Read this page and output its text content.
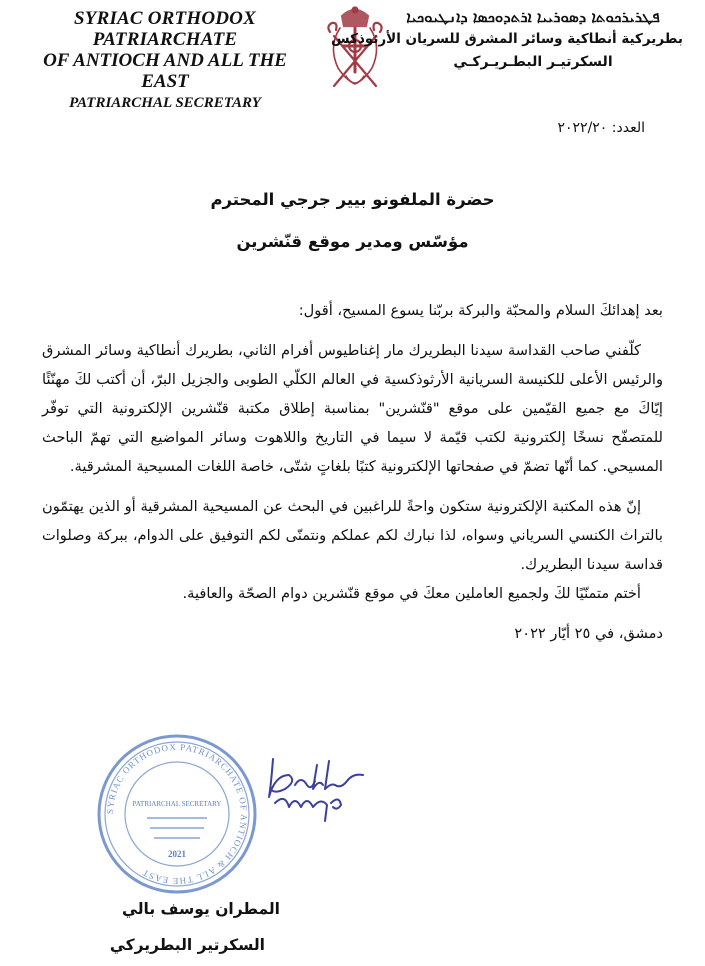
SYRIAC ORTHODOX PATRIARCHATE
OF ANTIOCH AND ALL THE EAST
PATRIARCHAL SECRETARY
ܦܛܪܝܪܟܘܬܐ ܕܣܘܪܝܝܐ ܐܪܬܕܘܟܣܐ ܕܐܢܛܝܘܟܝܐ
بطريركية أنطاكية وسائر المشرق للسريان الأرثوذكس
السكرتيـر البطـريـركـي
العدد: ٢٠٢٢/٢٠
حضرة الملفونو بيير جرجي المحترم
مؤسّس ومدير موقع قنّشرين

بعد إهدائكَ السلام والمحبّة والبركة بربّنا يسوع المسيح، أقول:

كلّفني صاحب القداسة سيدنا البطريرك مار إغناطيوس أفرام الثاني، بطريرك أنطاكية وسائر المشرق والرئيس الأعلى للكنيسة السريانية الأرثوذكسية في العالم الكلّي الطوبى والجزيل البرّ، أن أكتب لكَ مهنّئًا إيّاكَ مع جميع القيّمين على موقع "قنّشرين" بمناسبة إطلاق مكتبة قنّشرين الإلكترونية التي توفّر للمتصفّح نسخًا إلكترونية لكتب قيّمة لا سيما في التاريخ واللاهوت وسائر المواضيع التي تهمّ الباحث المسيحي. كما أنّها تضمّ في صفحاتها الإلكترونية كتبًا بلغاتٍ شتّى، خاصة اللغات المسيحية المشرقية.

إنّ هذه المكتبة الإلكترونية ستكون واحةً للراغبين في البحث عن المسيحية المشرقية أو الذين يهتمّون بالتراث الكنسي السرياني وسواه، لذا نبارك لكم عملكم ونتمنّى لكم التوفيق على الدوام، ببركة وصلوات قداسة سيدنا البطريرك.

أختم متمنّيًا لكَ ولجميع العاملين معكَ في موقع قنّشرين دوام الصحّة والعافية.

دمشق، في ٢٥ أيّار ٢٠٢٢

SYRIAC ORTHODOX PATRIARCHATE OF ANTIOCH & ALL THE EAST
PATRIARCHAL SECRETARY
2021
المطران يوسف بالي
السكرتير البطريركي
